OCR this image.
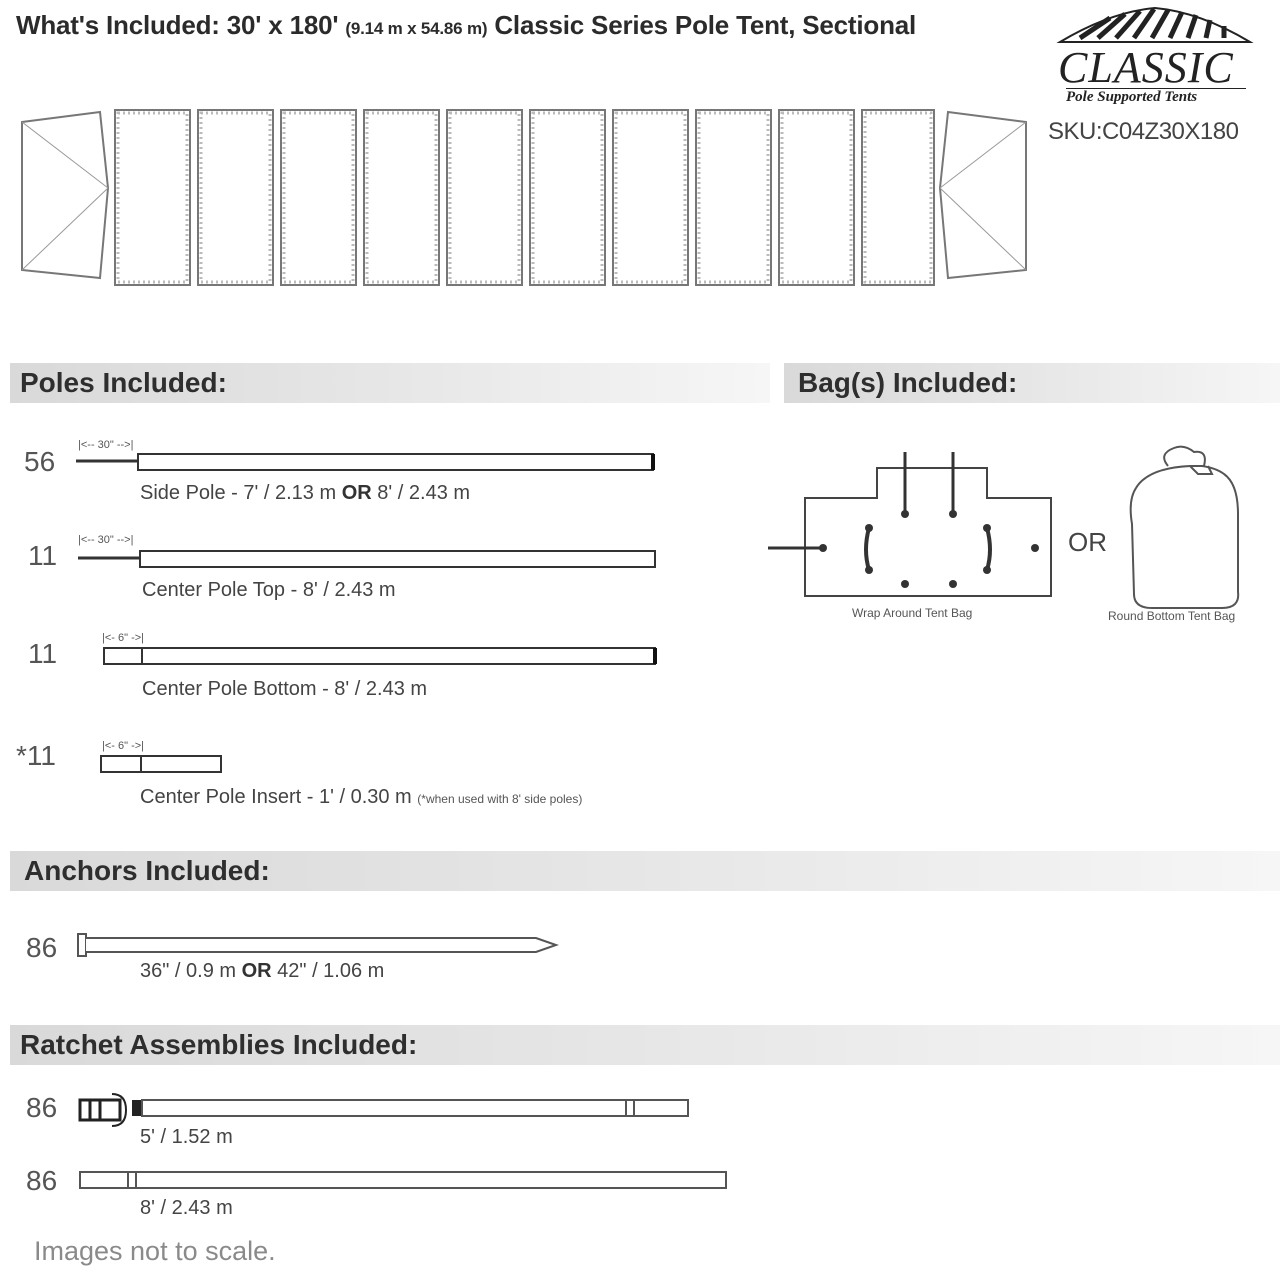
What's Included: 30' x 180' (9.14 m x 54.86 m) Classic Series Pole Tent, Sectional
CLASSIC
Pole Supported Tents
SKU:C04Z30X180
Poles Included:	Bag(s) Included:
56
|<-- 30" -->|
Side Pole - 7' / 2.13 m OR 8' / 2.43 m
11 |<-- 30" -->|
Center Pole Top - 8' / 2.43 m
11	|<- 6" ->|
Center Pole Bottom - 8' / 2.43 m
*11	|<- 6" ->|
Center Pole Insert - 1' / 0.30 m (*when used with 8' side poles)
Wrap Around Tent Bag
OR
Round Bottom Tent Bag
Anchors Included:
86
36" / 0.9 m OR 42" / 1.06 m
Ratchet Assemblies Included:
86
5' / 1.52 m
86
8' / 2.43 m
Images not to scale.
